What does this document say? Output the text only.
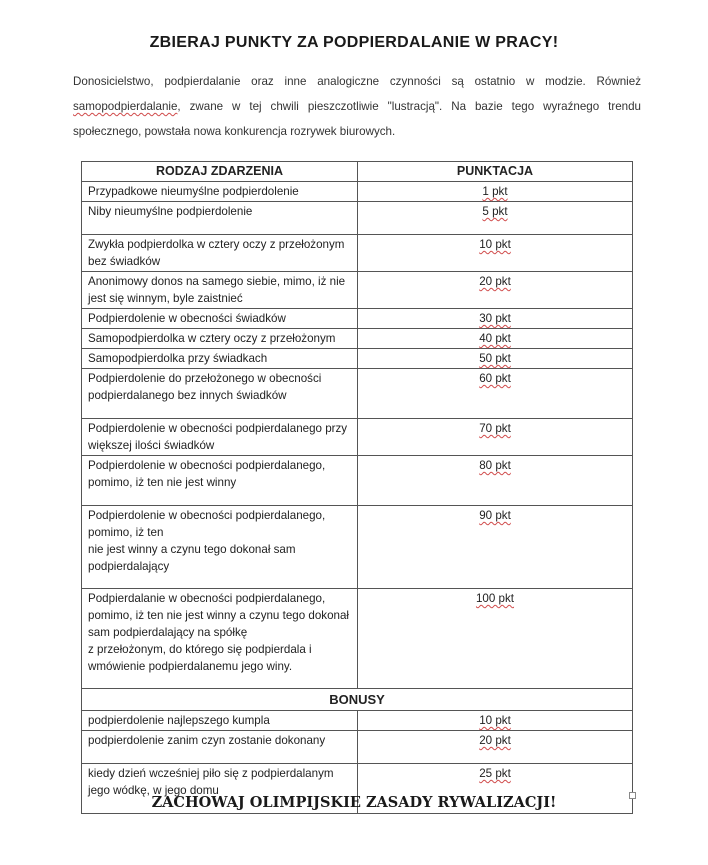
ZBIERAJ PUNKTY ZA PODPIERDALANIE W PRACY!
Donosicielstwo, podpierdalanie oraz inne analogiczne czynności są ostatnio w modzie. Również samopodpierdalanie, zwane w tej chwili pieszczotliwie "lustracją". Na bazie tego wyraźnego trendu społecznego, powstała nowa konkurencja rozrywek biurowych.
RODZAJ ZDARZENIA	PUNKTACJA
Przypadkowe nieumyślne podpierdolenie	1 pkt
Niby nieumyślne podpierdolenie	5 pkt
Zwykła podpierdolka w cztery oczy z przełożonym bez świadków	10 pkt
Anonimowy donos na samego siebie, mimo, iż nie jest się winnym, byle zaistnieć	20 pkt
Podpierdolenie w obecności świadków	30 pkt
Samopodpierdolka w cztery oczy z przełożonym	40 pkt
Samopodpierdolka przy świadkach	50 pkt
Podpierdolenie do przełożonego w obecności podpierdalanego bez innych świadków	60 pkt
Podpierdolenie w obecności podpierdalanego przy większej ilości świadków	70 pkt
Podpierdolenie w obecności podpierdalanego, pomimo, iż ten nie jest winny	80 pkt
Podpierdolenie w obecności podpierdalanego, pomimo, iż ten
nie jest winny a czynu tego dokonał sam podpierdalający	90 pkt
Podpierdalanie w obecności podpierdalanego, pomimo, iż ten nie jest winny a czynu tego dokonał sam podpierdalający na spółkę
z przełożonym, do którego się podpierdala i wmówienie podpierdalanemu jego winy.	100 pkt
BONUSY	
podpierdolenie najlepszego kumpla	10 pkt
podpierdolenie zanim czyn zostanie dokonany	20 pkt
kiedy dzień wcześniej piło się z podpierdalanym jego wódkę, w jego domu	25 pkt
ZACHOWAJ OLIMPIJSKIE ZASADY RYWALIZACJI!
